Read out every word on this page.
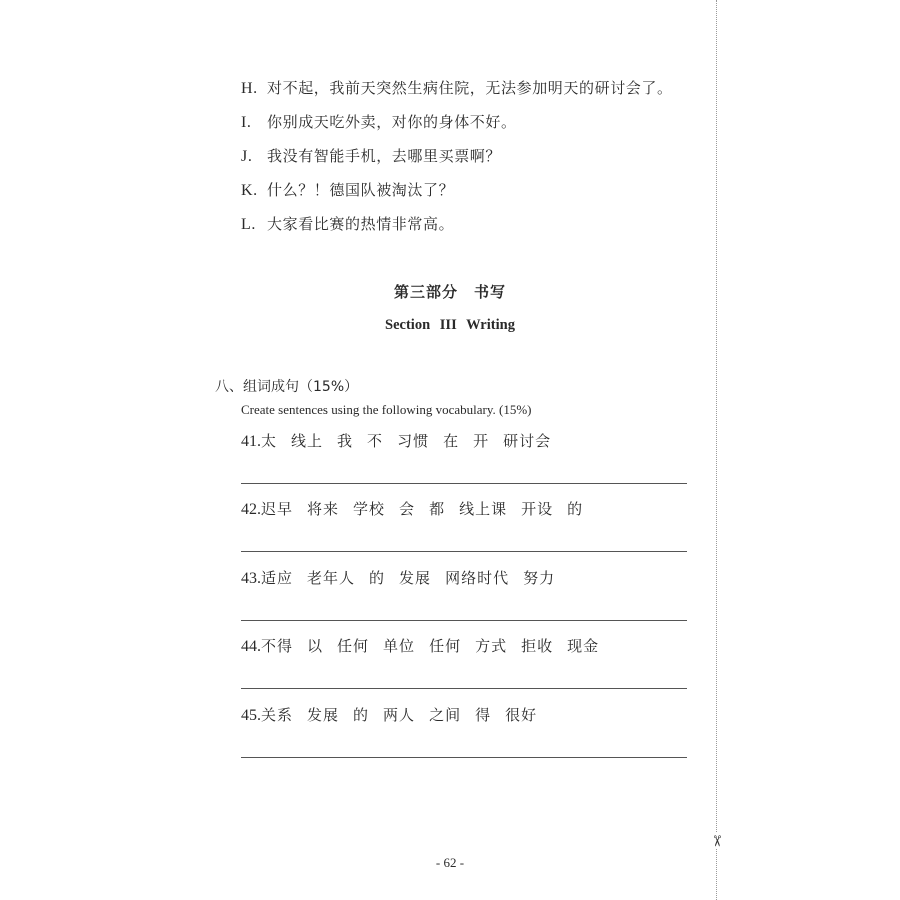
H. 对不起，我前天突然生病住院，无法参加明天的研讨会了。
I. 你别成天吃外卖，对你的身体不好。
J. 我没有智能手机，去哪里买票啊？
K. 什么？！德国队被淘汰了？
L. 大家看比赛的热情非常高。
第三部分　书写
Section III Writing
八、组词成句（15%）
Create sentences using the following vocabulary. (15%)
41.太 线上 我 不 习惯 在 开 研讨会
42.迟早 将来 学校 会 都 线上课 开设 的
43.适应 老年人 的 发展 网络时代 努力
44.不得 以 任何 单位 任何 方式 拒收 现金
45.关系 发展 的 两人 之间 得 很好
- 62 -
✂
